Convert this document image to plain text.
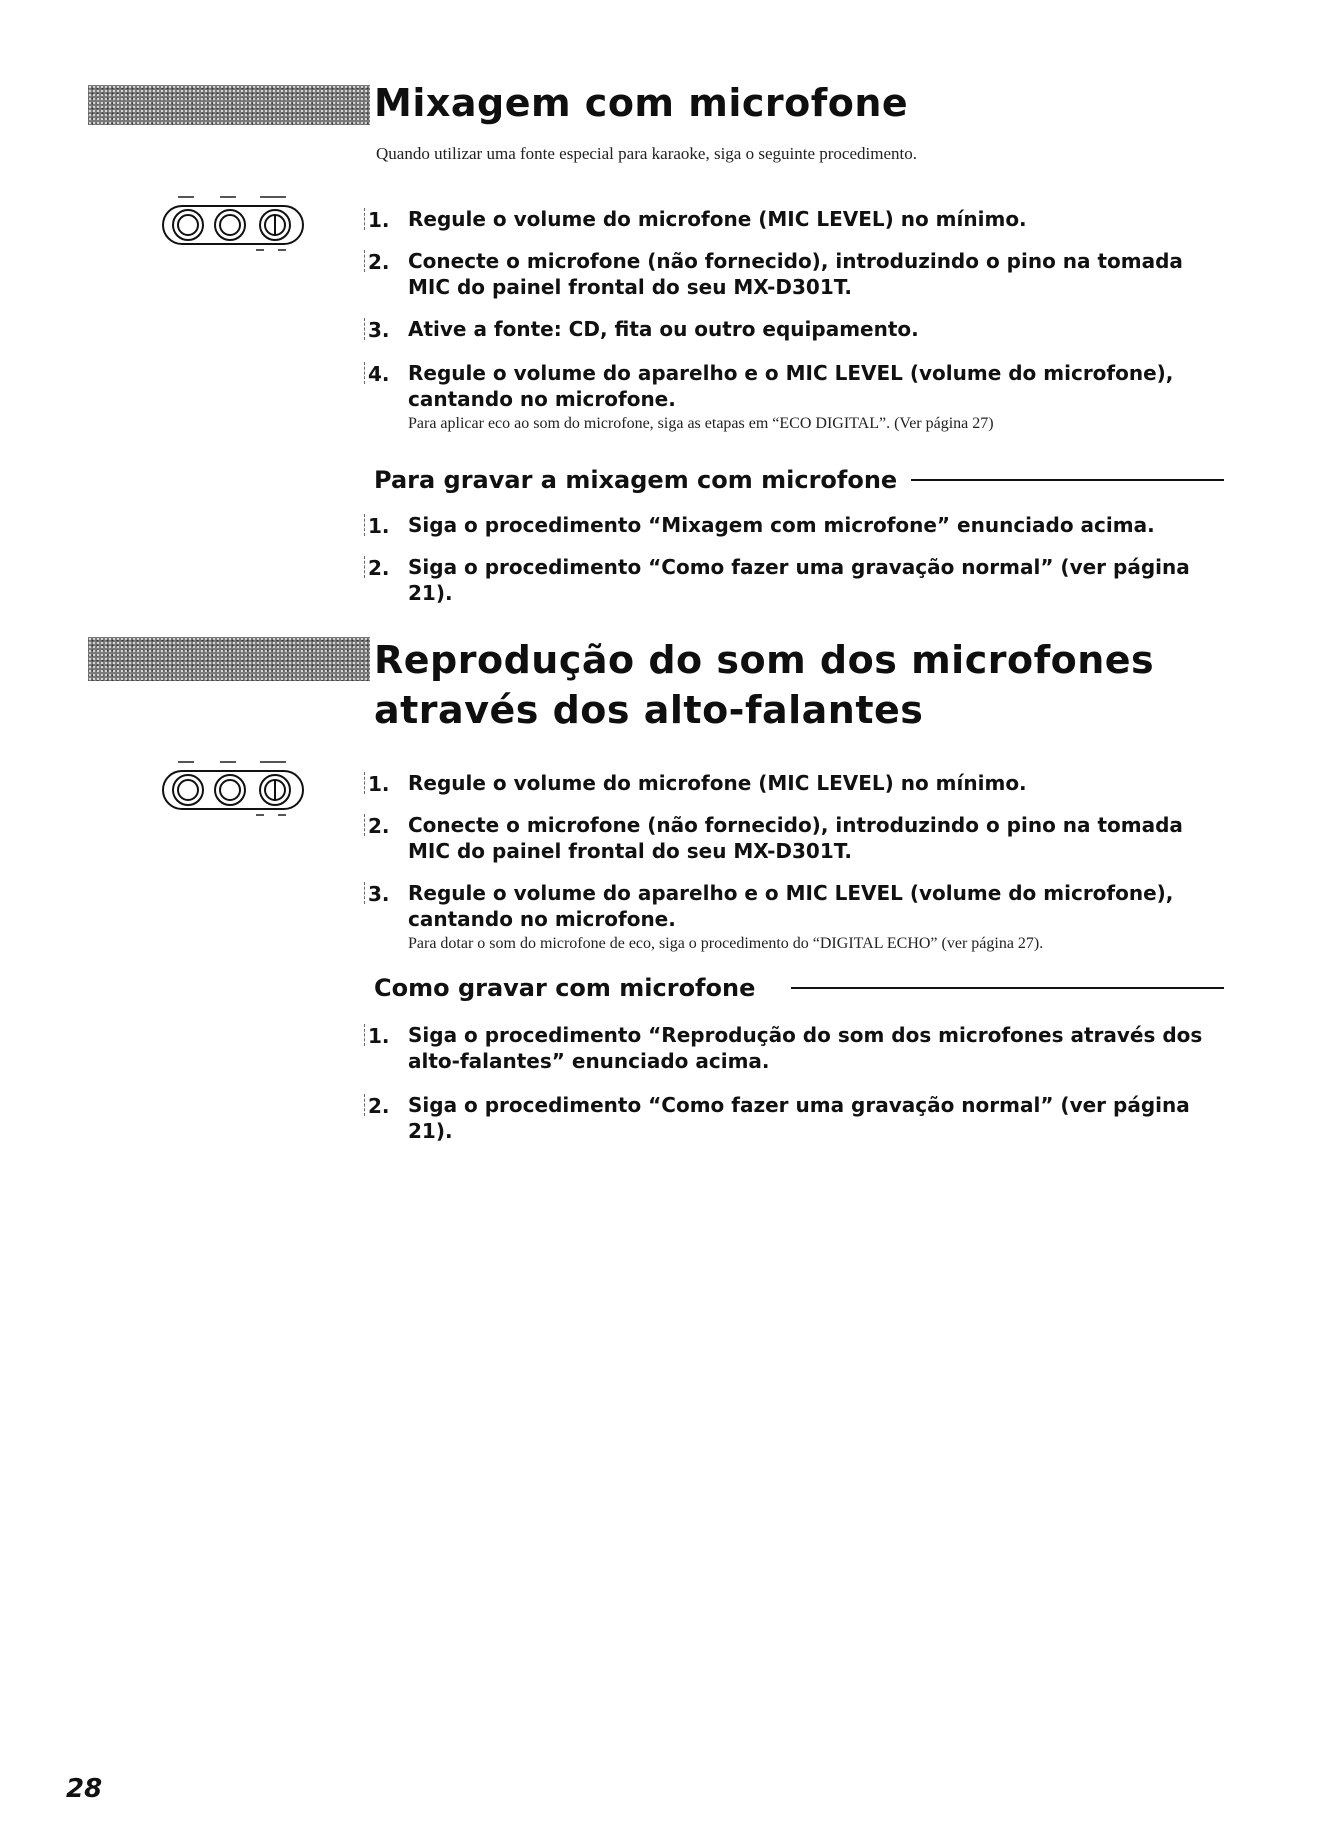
Mixagem com microfone

Quando utilizar uma fonte especial para karaoke, siga o seguinte procedimento.

1. Regule o volume do microfone (MIC LEVEL) no mínimo.

2. Conecte o microfone (não fornecido), introduzindo o pino na tomada MIC do painel frontal do seu MX-D301T.

3. Ative a fonte: CD, fita ou outro equipamento.

4. Regule o volume do aparelho e o MIC LEVEL (volume do microfone), cantando no microfone.

Para aplicar eco ao som do microfone, siga as etapas em “ECO DIGITAL”. (Ver página 27)

Para gravar a mixagem com microfone
1. Siga o procedimento “Mixagem com microfone” enunciado acima.

2. Siga o procedimento “Como fazer uma gravação normal” (ver página 21).

Reprodução do som dos microfones
através dos alto-falantes
1. Regule o volume do microfone (MIC LEVEL) no mínimo.

2. Conecte o microfone (não fornecido), introduzindo o pino na tomada MIC do painel frontal do seu MX-D301T.

3. Regule o volume do aparelho e o MIC LEVEL (volume do microfone), cantando no microfone.

Para dotar o som do microfone de eco, siga o procedimento do “DIGITAL ECHO” (ver página 27).

Como gravar com microfone
1. Siga o procedimento “Reprodução do som dos microfones através dos alto-falantes” enunciado acima.

2. Siga o procedimento “Como fazer uma gravação normal” (ver página 21).

28
